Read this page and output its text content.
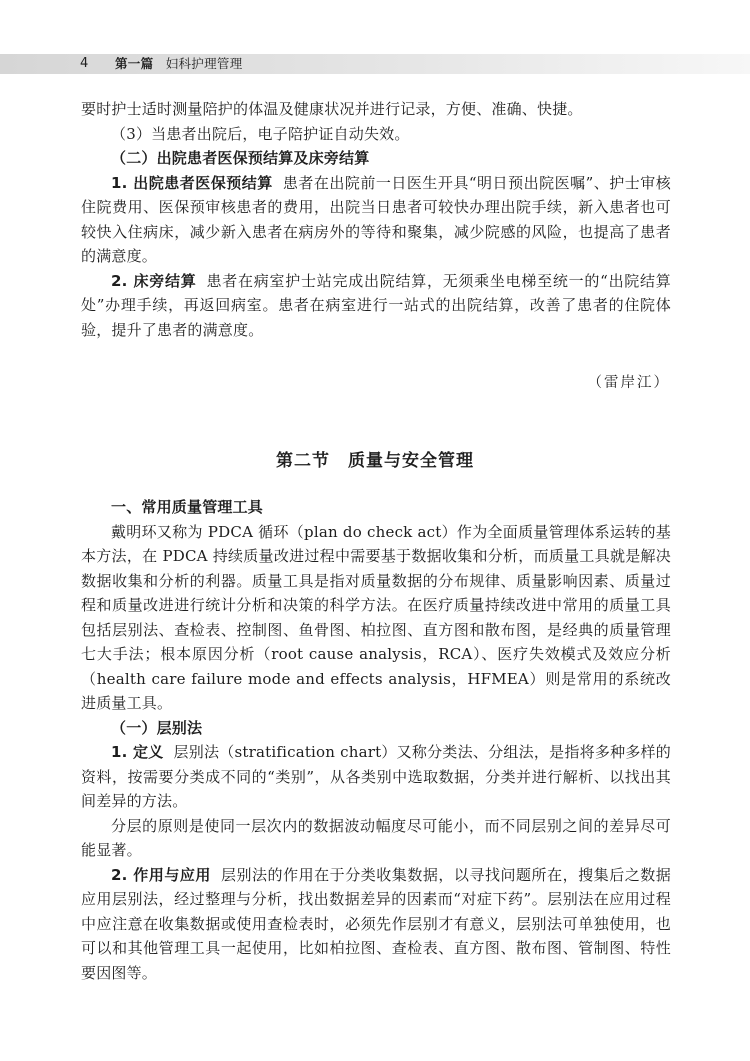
4 第一篇 妇科护理管理

要时护士适时测量陪护的体温及健康状况并进行记录，方便、准确、快捷。

（3）当患者出院后，电子陪护证自动失效。

（二）出院患者医保预结算及床旁结算

1. 出院患者医保预结算 患者在出院前一日医生开具“明日预出院医嘱”、护士审核住院费用、医保预审核患者的费用，出院当日患者可较快办理出院手续，新入患者也可较快入住病床，减少新入患者在病房外的等待和聚集，减少院感的风险，也提高了患者的满意度。

2. 床旁结算 患者在病室护士站完成出院结算，无须乘坐电梯至统一的“出院结算处”办理手续，再返回病室。患者在病室进行一站式的出院结算，改善了患者的住院体验，提升了患者的满意度。

（雷岸江）
第二节 质量与安全管理

一、常用质量管理工具

戴明环又称为 PDCA 循环（plan do check act）作为全面质量管理体系运转的基本方法，在 PDCA 持续质量改进过程中需要基于数据收集和分析，而质量工具就是解决数据收集和分析的利器。质量工具是指对质量数据的分布规律、质量影响因素、质量过程和质量改进进行统计分析和决策的科学方法。在医疗质量持续改进中常用的质量工具包括层别法、查检表、控制图、鱼骨图、柏拉图、直方图和散布图，是经典的质量管理七大手法；根本原因分析（root cause analysis，RCA）、医疗失效模式及效应分析（health care failure mode and effects analysis，HFMEA）则是常用的系统改进质量工具。

（一）层别法

1. 定义 层别法（stratification chart）又称分类法、分组法，是指将多种多样的资料，按需要分类成不同的“类别”，从各类别中选取数据，分类并进行解析、以找出其间差异的方法。

分层的原则是使同一层次内的数据波动幅度尽可能小，而不同层别之间的差异尽可能显著。

2. 作用与应用 层别法的作用在于分类收集数据，以寻找问题所在，搜集后之数据应用层别法，经过整理与分析，找出数据差异的因素而“对症下药”。层别法在应用过程中应注意在收集数据或使用查检表时，必须先作层别才有意义，层别法可单独使用，也可以和其他管理工具一起使用，比如柏拉图、查检表、直方图、散布图、管制图、特性要因图等。
